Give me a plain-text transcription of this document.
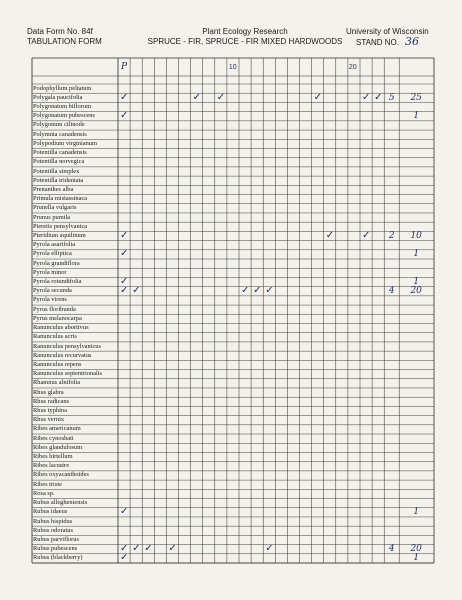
Data Form No. 84f
TABULATION FORM
Plant Ecology Research
SPRUCE - FIR, SPRUCE - FIR MIXED HARDWOODS
University of Wisconsin
STAND NO. 36
Podophyllum peltatum
Polygala paucifolia	✓	✓ ✓	✓	✓ ✓ 5	25
Polygonatum biflorum
Polygonatum pubescens	✓	1
Polygonum cilinode
Polymnia canadensis
Polypodium virginianum
Potentilla canadensis
Potentilla norvegica
Potentilla simplex
Potentilla tridentata
Prenanthes alba
Primula mistassinaca
Prunella vulgaris
Prunus pumila
Pteretis pensylvanica
Pteridium aquilinum	✓	✓	✓	2	10
Pyrola asarifolia
Pyrola elliptica	✓	1
Pyrola grandiflora
Pyrola minor
Pyrola rotundifolia	✓	1
Pyrola secunda	✓ ✓	✓ ✓ ✓	4	20
Pyrola virens
Pyrus floribunda
Pyrus melanocarpa
Ranunculus abortivus
Ranunculus acris
Ranunculus pensylvanicus
Ranunculus recurvatus
Ranunculus repens
Ranunculus septentrionalis
Rhamnus alnifolia
Rhus glabra
Rhus radicans
Rhus typhina
Rhus vernix
Ribes americanum
Ribes cynosbati
Ribes glandulosum
Ribes hirtellum
Ribes lacustre
Ribes oxyacanthoides
Ribes triste
Rosa sp.
Rubus allegheniensis
Rubus idaeus	✓	1
Rubus hispidus
Rubus odoratus
Rubus parviflorus
Rubus pubescens	✓ ✓ ✓ ✓	✓	4	20
Rubus (blackberry)	✓	1
P	10	20
